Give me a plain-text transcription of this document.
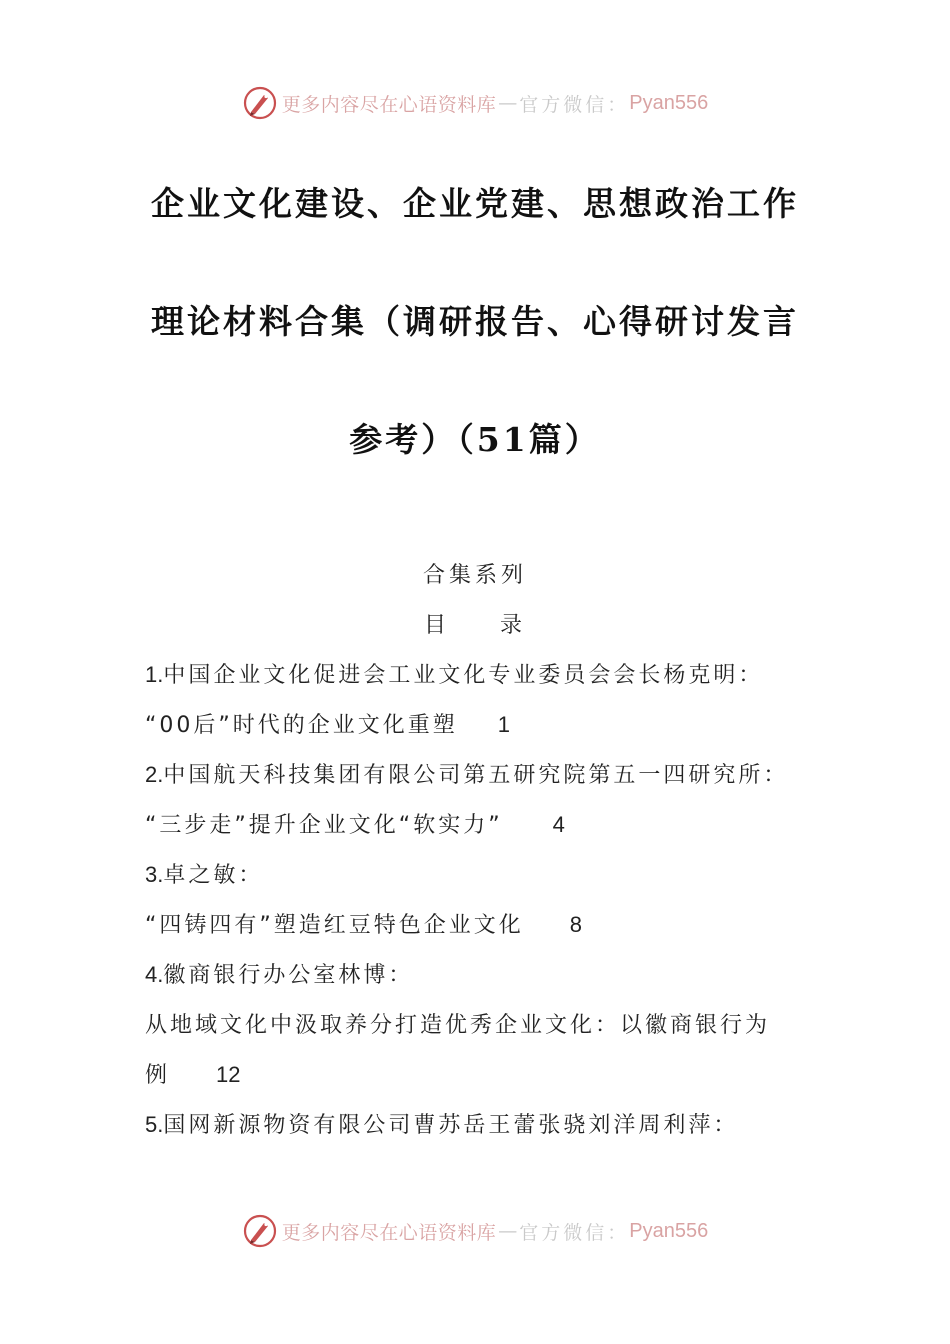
更多内容尽在心语资料库 — 官方微信： Pyan556
企业文化建设、企业党建、思想政治工作
理论材料合集（调研报告、心得研讨发言
参考）（51篇）
合集系列
目 录
1.中国企业文化促进会工业文化专业委员会会长杨克明：
“00后”时代的企业文化重塑 1
2.中国航天科技集团有限公司第五研究院第五一四研究所：
“三步走”提升企业文化“软实力” 4
3.卓之敏：
“四铸四有”塑造红豆特色企业文化 8
4.徽商银行办公室林博：
从地域文化中汲取养分打造优秀企业文化：以徽商银行为
例 12
5.国网新源物资有限公司曹苏岳王蕾张骁刘洋周利萍：
更多内容尽在心语资料库 — 官方微信： Pyan556
